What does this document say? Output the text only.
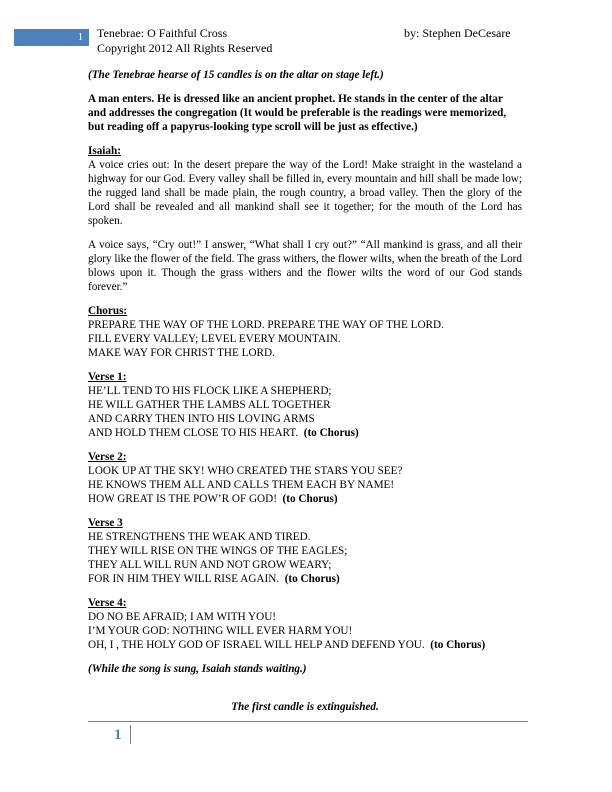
1	Tenebrae: O Faithful Cross
Copyright 2012 All Rights Reserved
by: Stephen DeCesare

(The Tenebrae hearse of 15 candles is on the altar on stage left.)

A man enters. He is dressed like an ancient prophet. He stands in the center of the altar and addresses the congregation (It would be preferable is the readings were memorized, but reading off a papyrus-looking type scroll will be just as effective.)

Isaiah:

A voice cries out: In the desert prepare the way of the Lord! Make straight in the wasteland a highway for our God. Every valley shall be filled in, every mountain and hill shall be made low; the rugged land shall be made plain, the rough country, a broad valley. Then the glory of the Lord shall be revealed and all mankind shall see it together; for the mouth of the Lord has spoken.

A voice says, “Cry out!” I answer, “What shall I cry out?” “All mankind is grass, and all their glory like the flower of the field. The grass withers, the flower wilts, when the breath of the Lord blows upon it. Though the grass withers and the flower wilts the word of our God stands forever.”

Chorus:
PREPARE THE WAY OF THE LORD. PREPARE THE WAY OF THE LORD.
FILL EVERY VALLEY; LEVEL EVERY MOUNTAIN.
MAKE WAY FOR CHRIST THE LORD.

Verse 1:
HE’LL TEND TO HIS FLOCK LIKE A SHEPHERD;
HE WILL GATHER THE LAMBS ALL TOGETHER
AND CARRY THEN INTO HIS LOVING ARMS
AND HOLD THEM CLOSE TO HIS HEART. (to Chorus)

Verse 2:
LOOK UP AT THE SKY! WHO CREATED THE STARS YOU SEE?
HE KNOWS THEM ALL AND CALLS THEM EACH BY NAME!
HOW GREAT IS THE POW’R OF GOD! (to Chorus)

Verse 3
HE STRENGTHENS THE WEAK AND TIRED.
THEY WILL RISE ON THE WINGS OF THE EAGLES;
THEY ALL WILL RUN AND NOT GROW WEARY;
FOR IN HIM THEY WILL RISE AGAIN. (to Chorus)

Verse 4:
DO NO BE AFRAID; I AM WITH YOU!
I’M YOUR GOD: NOTHING WILL EVER HARM YOU!
OH, I , THE HOLY GOD OF ISRAEL WILL HELP AND DEFEND YOU. (to Chorus)

(While the song is sung, Isaiah stands waiting.)

The first candle is extinguished.

1
